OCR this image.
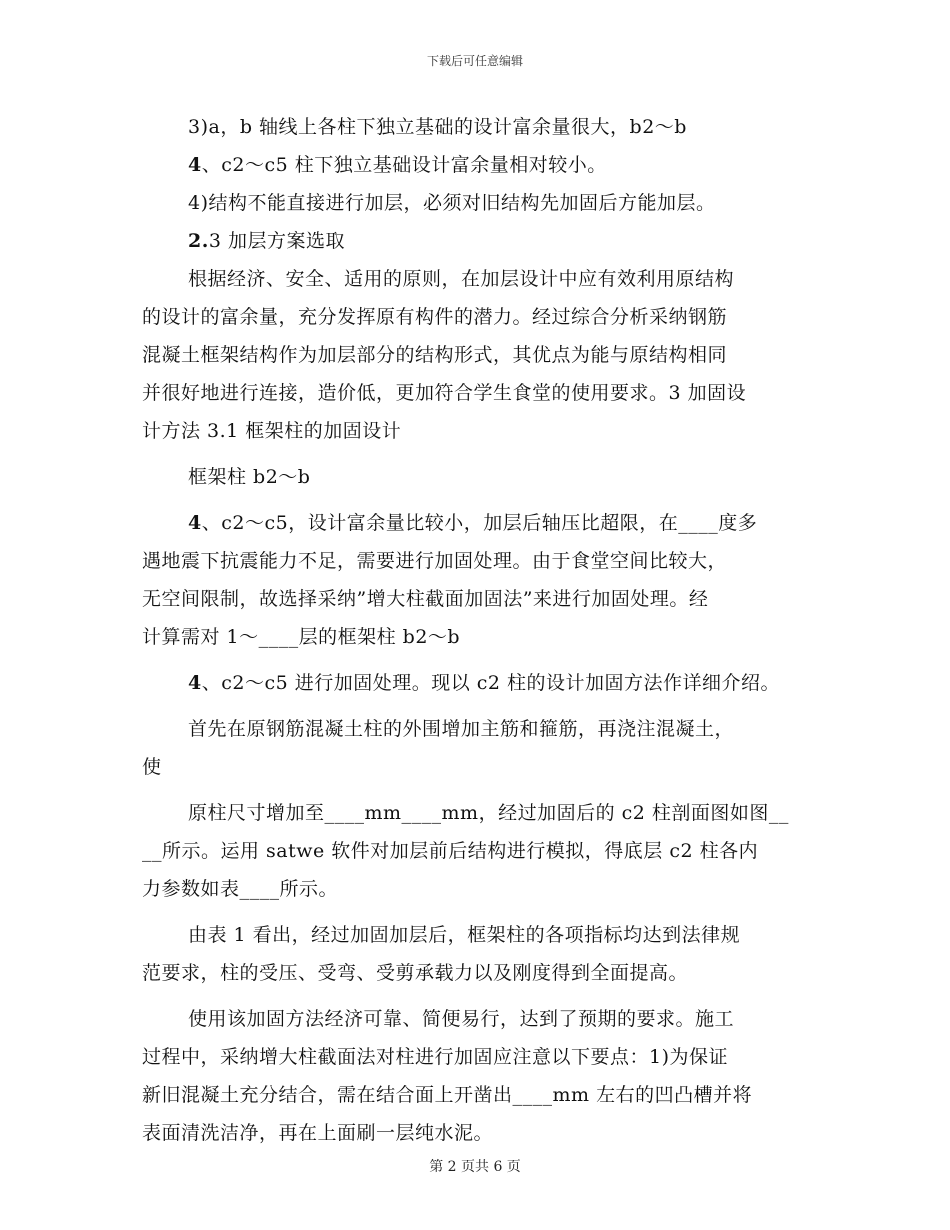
下载后可任意编辑
3)a，b 轴线上各柱下独立基础的设计富余量很大，b2～b
4、c2～c5 柱下独立基础设计富余量相对较小。
4)结构不能直接进行加层，必须对旧结构先加固后方能加层。
2.3 加层方案选取
根据经济、安全、适用的原则，在加层设计中应有效利用原结构
的设计的富余量，充分发挥原有构件的潜力。经过综合分析采纳钢筋
混凝土框架结构作为加层部分的结构形式，其优点为能与原结构相同
并很好地进行连接，造价低，更加符合学生食堂的使用要求。3 加固设
计方法 3.1 框架柱的加固设计
框架柱 b2～b
4、c2～c5，设计富余量比较小，加层后轴压比超限，在____度多
遇地震下抗震能力不足，需要进行加固处理。由于食堂空间比较大，
无空间限制，故选择采纳”增大柱截面加固法”来进行加固处理。经
计算需对 1～____层的框架柱 b2～b
4、c2～c5 进行加固处理。现以 c2 柱的设计加固方法作详细介绍。
首先在原钢筋混凝土柱的外围增加主筋和箍筋，再浇注混凝土，
使
原柱尺寸增加至____mm____mm，经过加固后的 c2 柱剖面图如图__
__所示。运用 satwe 软件对加层前后结构进行模拟，得底层 c2 柱各内
力参数如表____所示。
由表 1 看出，经过加固加层后，框架柱的各项指标均达到法律规
范要求，柱的受压、受弯、受剪承载力以及刚度得到全面提高。
使用该加固方法经济可靠、简便易行，达到了预期的要求。施工
过程中，采纳增大柱截面法对柱进行加固应注意以下要点：1)为保证
新旧混凝土充分结合，需在结合面上开凿出____mm 左右的凹凸槽并将
表面清洗洁净，再在上面刷一层纯水泥。
第 2 页共 6 页
